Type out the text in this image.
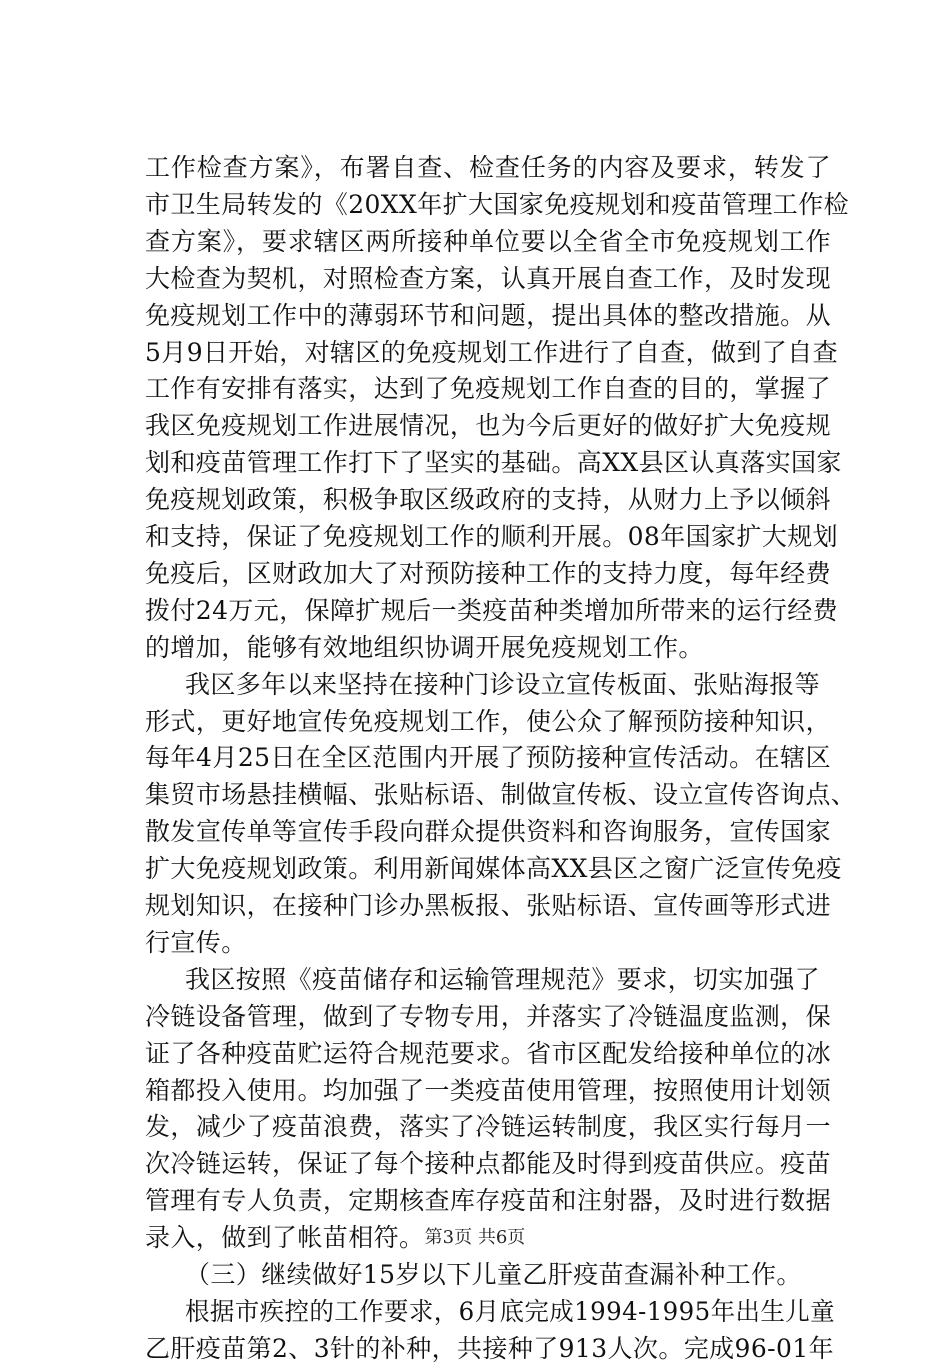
工作检查方案》，布署自查、检查任务的内容及要求，转发了
市卫生局转发的《20XX年扩大国家免疫规划和疫苗管理工作检
查方案》，要求辖区两所接种单位要以全省全市免疫规划工作
大检查为契机，对照检查方案，认真开展自查工作，及时发现
免疫规划工作中的薄弱环节和问题，提出具体的整改措施。从
5月9日开始，对辖区的免疫规划工作进行了自查，做到了自查
工作有安排有落实，达到了免疫规划工作自查的目的，掌握了
我区免疫规划工作进展情况，也为今后更好的做好扩大免疫规
划和疫苗管理工作打下了坚实的基础。高XX县区认真落实国家
免疫规划政策，积极争取区级政府的支持，从财力上予以倾斜
和支持，保证了免疫规划工作的顺利开展。08年国家扩大规划
免疫后，区财政加大了对预防接种工作的支持力度，每年经费
拨付24万元，保障扩规后一类疫苗种类增加所带来的运行经费
的增加，能够有效地组织协调开展免疫规划工作。
我区多年以来坚持在接种门诊设立宣传板面、张贴海报等
形式，更好地宣传免疫规划工作，使公众了解预防接种知识，
每年4月25日在全区范围内开展了预防接种宣传活动。在辖区
集贸市场悬挂横幅、张贴标语、制做宣传板、设立宣传咨询点、
散发宣传单等宣传手段向群众提供资料和咨询服务，宣传国家
扩大免疫规划政策。利用新闻媒体高XX县区之窗广泛宣传免疫
规划知识，在接种门诊办黑板报、张贴标语、宣传画等形式进
行宣传。
我区按照《疫苗储存和运输管理规范》要求，切实加强了
冷链设备管理，做到了专物专用，并落实了冷链温度监测，保
证了各种疫苗贮运符合规范要求。省市区配发给接种单位的冰
箱都投入使用。均加强了一类疫苗使用管理，按照使用计划领
发，减少了疫苗浪费，落实了冷链运转制度，我区实行每月一
次冷链运转，保证了每个接种点都能及时得到疫苗供应。疫苗
管理有专人负责，定期核查库存疫苗和注射器，及时进行数据
录入，做到了帐苗相符。
（三）继续做好15岁以下儿童乙肝疫苗查漏补种工作。
根据市疾控的工作要求，6月底完成1994-1995年出生儿童
乙肝疫苗第2、3针的补种，共接种了913人次。完成96-01年
第3页 共6页
